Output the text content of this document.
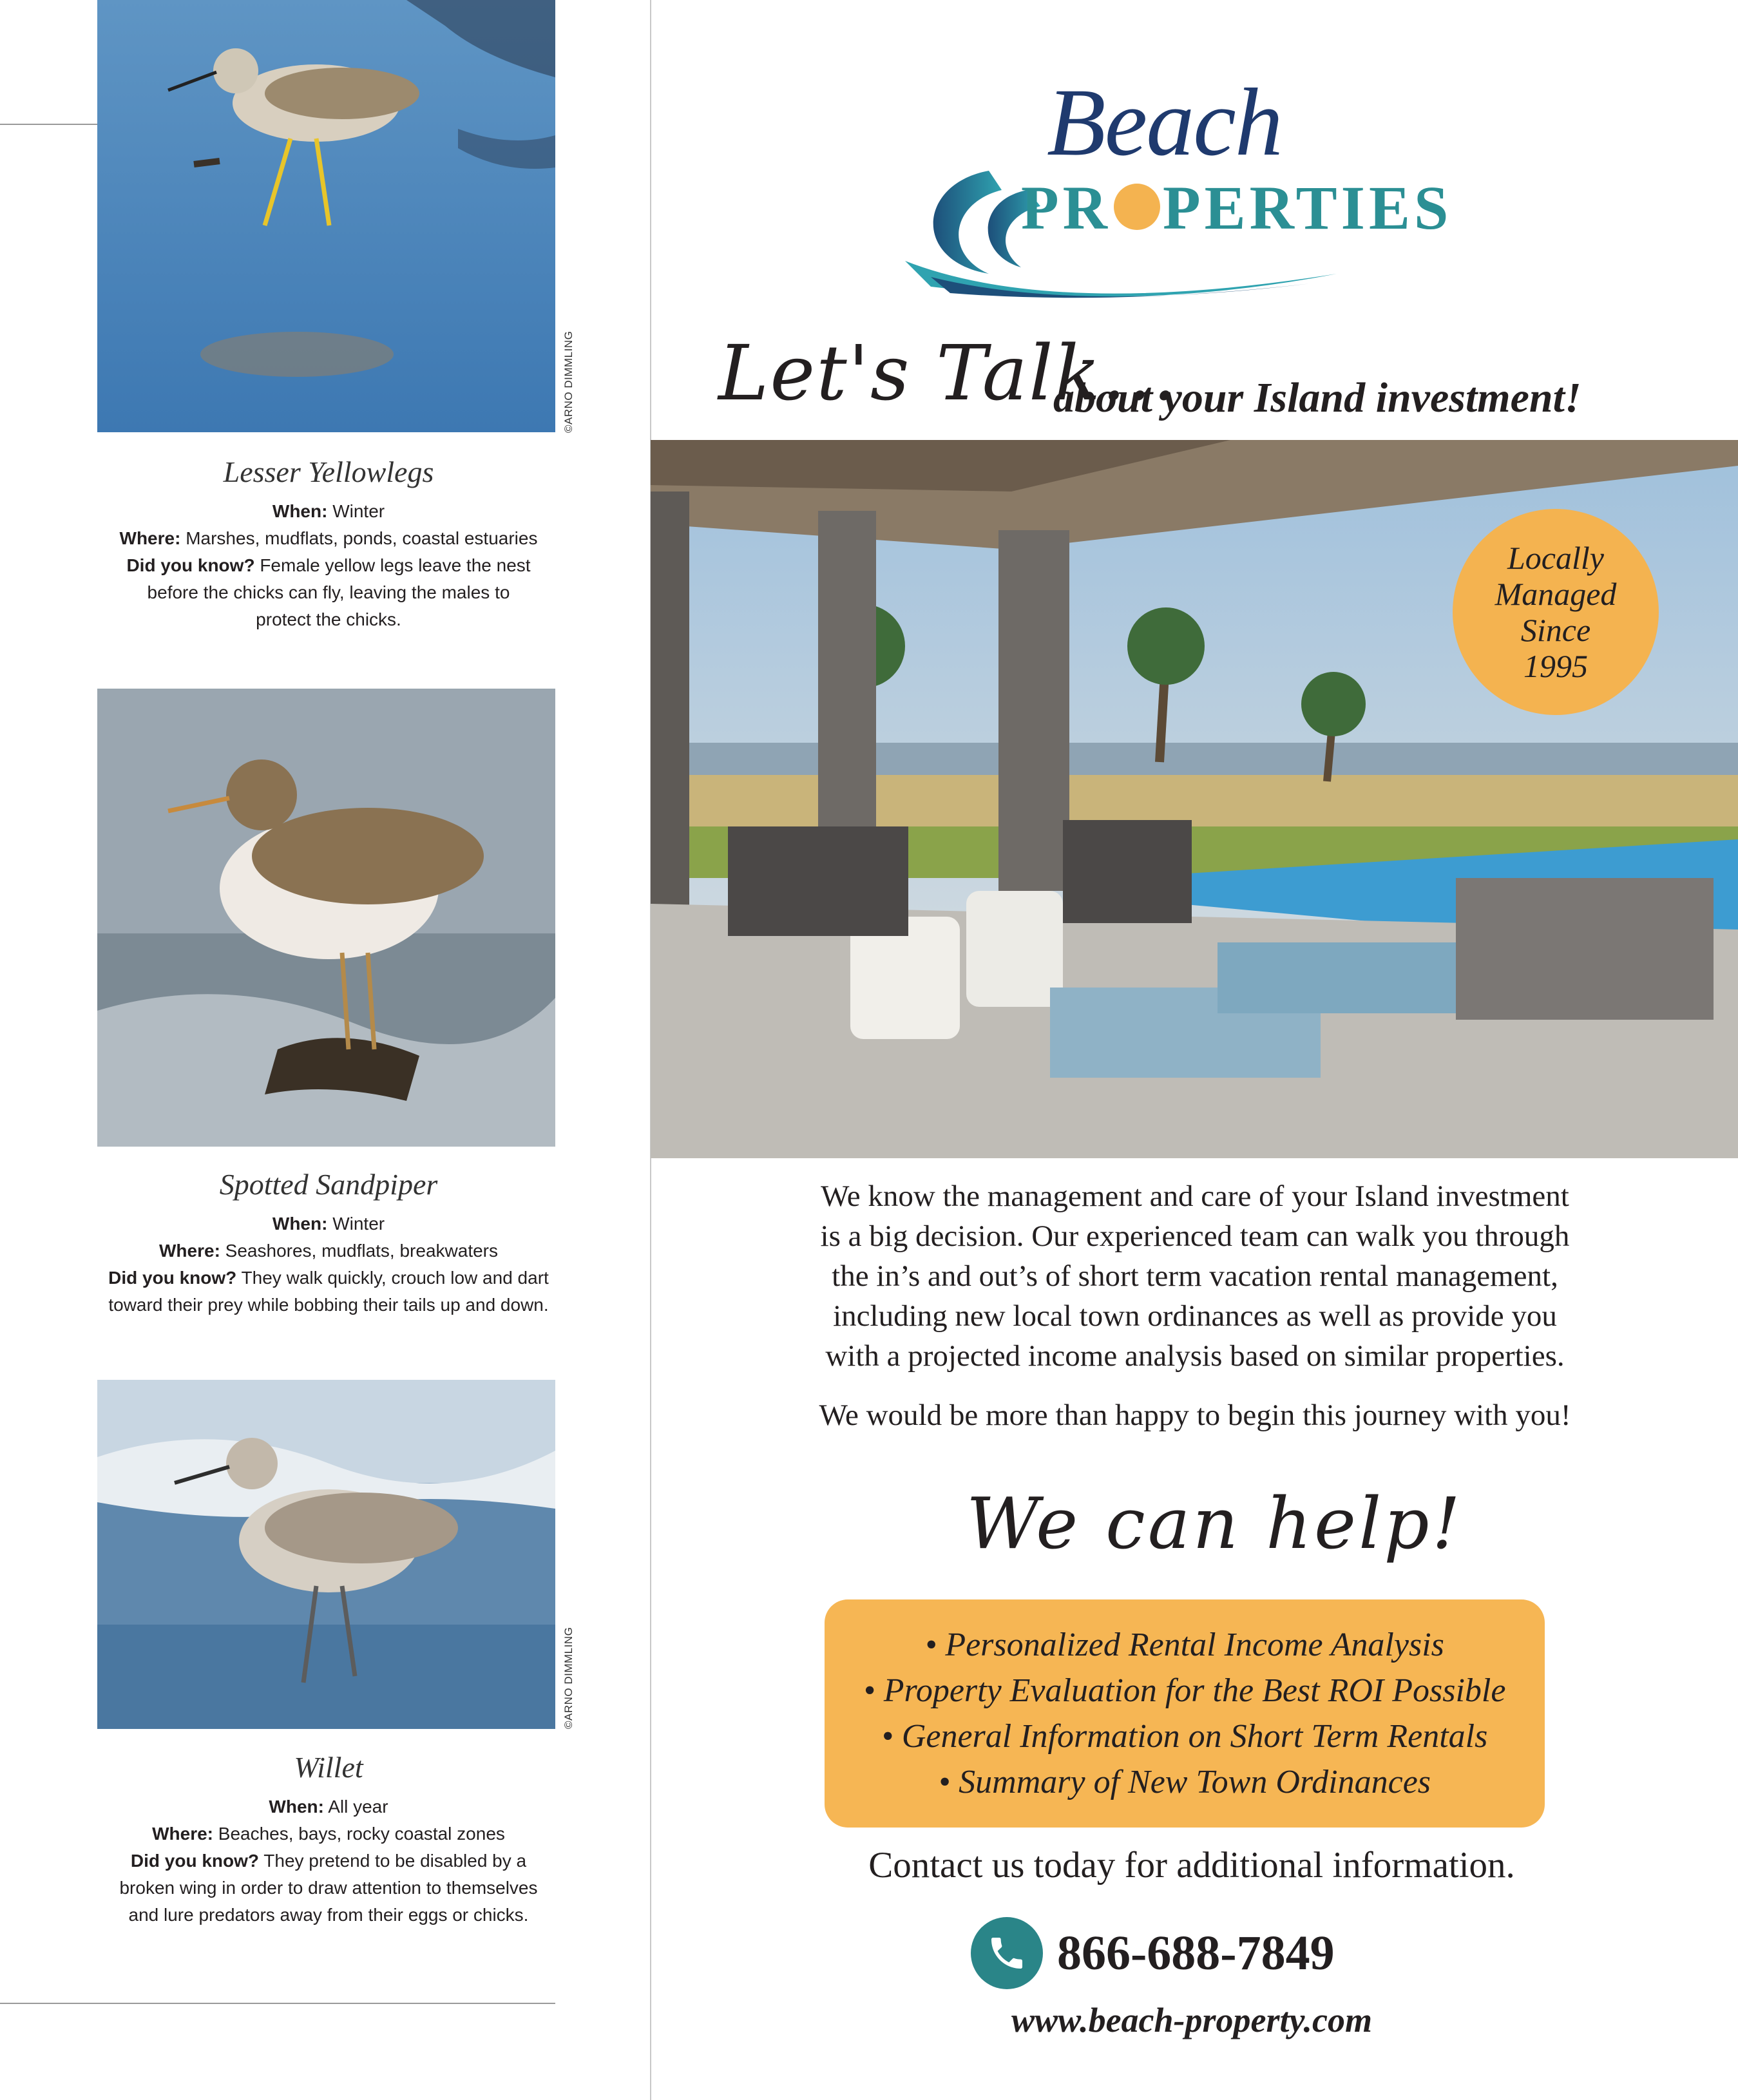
©ARNO DIMMLING
Lesser Yellowlegs
When: Winter
Where: Marshes, mudflats, ponds, coastal estuaries
Did you know? Female yellow legs leave the nest
before the chicks can fly, leaving the males to
protect the chicks.
Spotted Sandpiper
When: Winter
Where: Seashores, mudflats, breakwaters
Did you know? They walk quickly, crouch low and dart
toward their prey while bobbing their tails up and down.
©ARNO DIMMLING
Willet
When: All year
Where: Beaches, bays, rocky coastal zones
Did you know? They pretend to be disabled by a
broken wing in order to draw attention to themselves
and lure predators away from their eggs or chicks.
Beach
PR PERTIES
Let's Talk...
about your Island investment!
Locally
Managed
Since
1995

We know the management and care of your Island investment
is a big decision. Our experienced team can walk you through
the in’s and out’s of short term vacation rental management,
including new local town ordinances as well as provide you
with a projected income analysis based on similar properties.

We would be more than happy to begin this journey with you!

We can help!
• Personalized Rental Income Analysis
• Property Evaluation for the Best ROI Possible
• General Information on Short Term Rentals
• Summary of New Town Ordinances
Contact us today for additional information.
866-688-7849
www.beach-property.com
